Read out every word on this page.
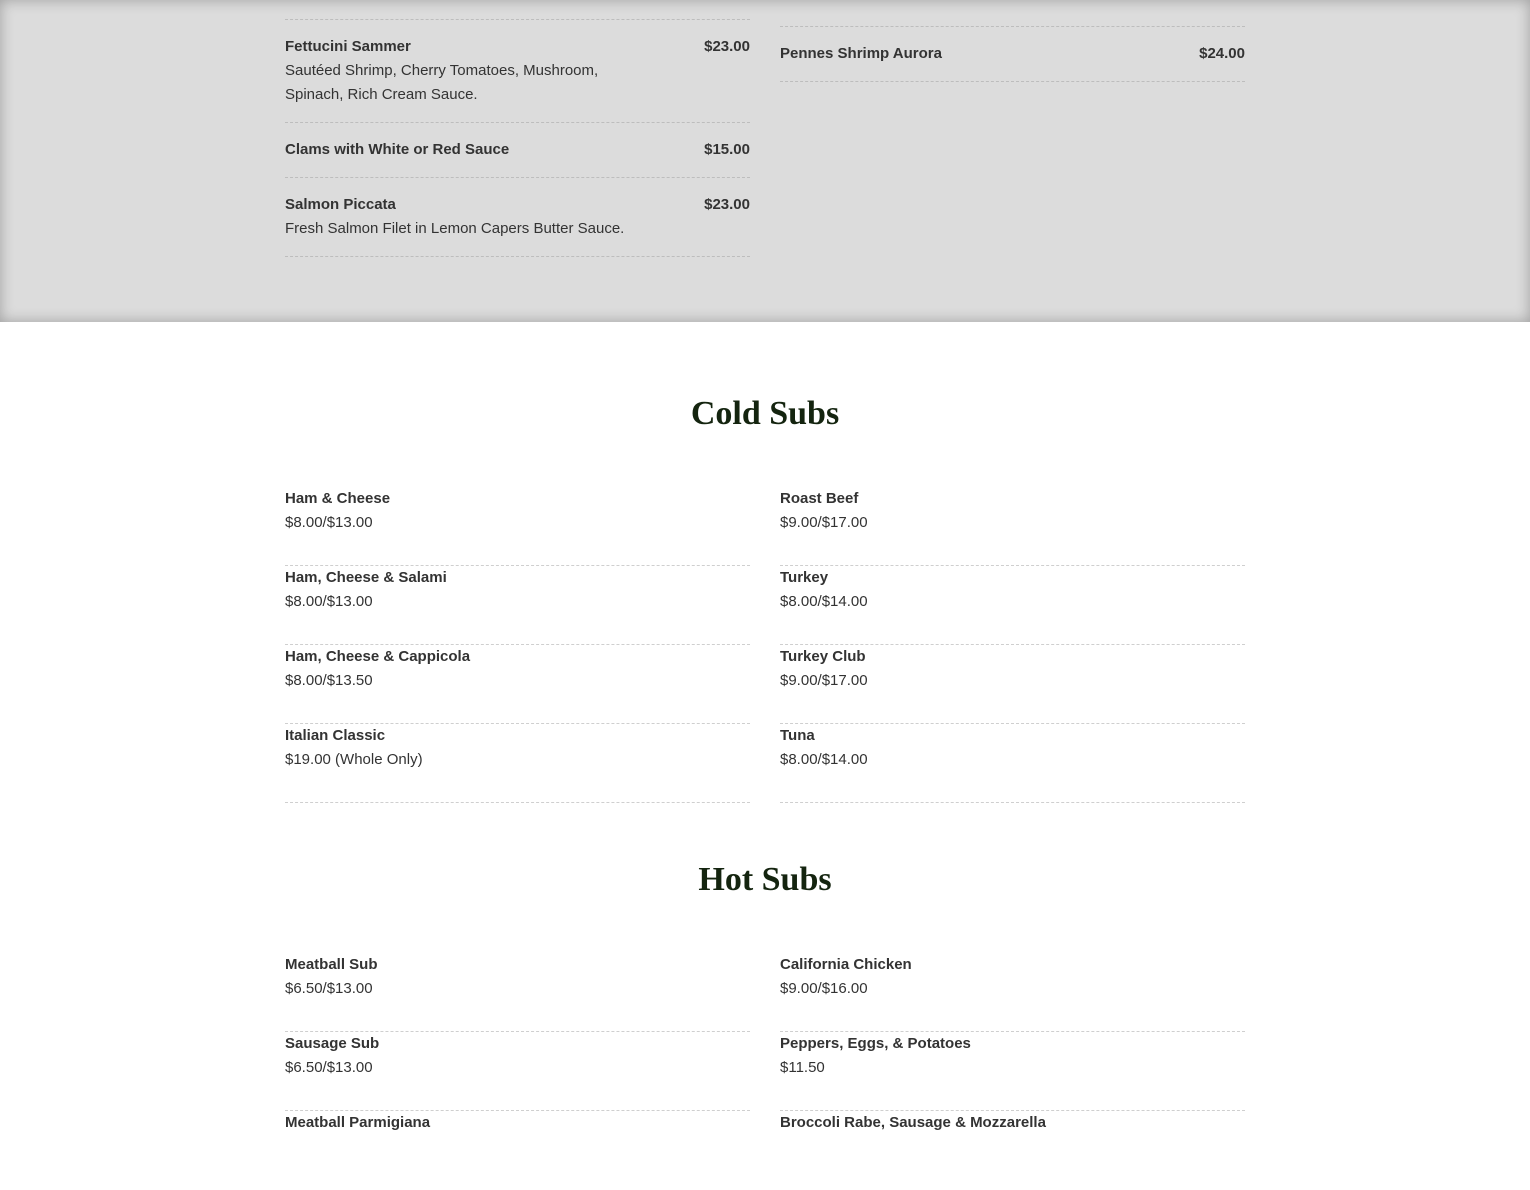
Fettucini Sammer	$23.00
Sautéed Shrimp, Cherry Tomatoes, Mushroom, Spinach, Rich Cream Sauce.
Clams with White or Red Sauce	$15.00
Salmon Piccata	$23.00
Fresh Salmon Filet in Lemon Capers Butter Sauce.
Pennes Shrimp Aurora	$24.00
Cold Subs
Ham & Cheese
$8.00/$13.00
Ham, Cheese & Salami
$8.00/$13.00
Ham, Cheese & Cappicola
$8.00/$13.50
Italian Classic
$19.00 (Whole Only)
Roast Beef
$9.00/$17.00
Turkey
$8.00/$14.00
Turkey Club
$9.00/$17.00
Tuna
$8.00/$14.00
Hot Subs
Meatball Sub
$6.50/$13.00
Sausage Sub
$6.50/$13.00
Meatball Parmigiana
California Chicken
$9.00/$16.00
Peppers, Eggs, & Potatoes
$11.50
Broccoli Rabe, Sausage & Mozzarella
